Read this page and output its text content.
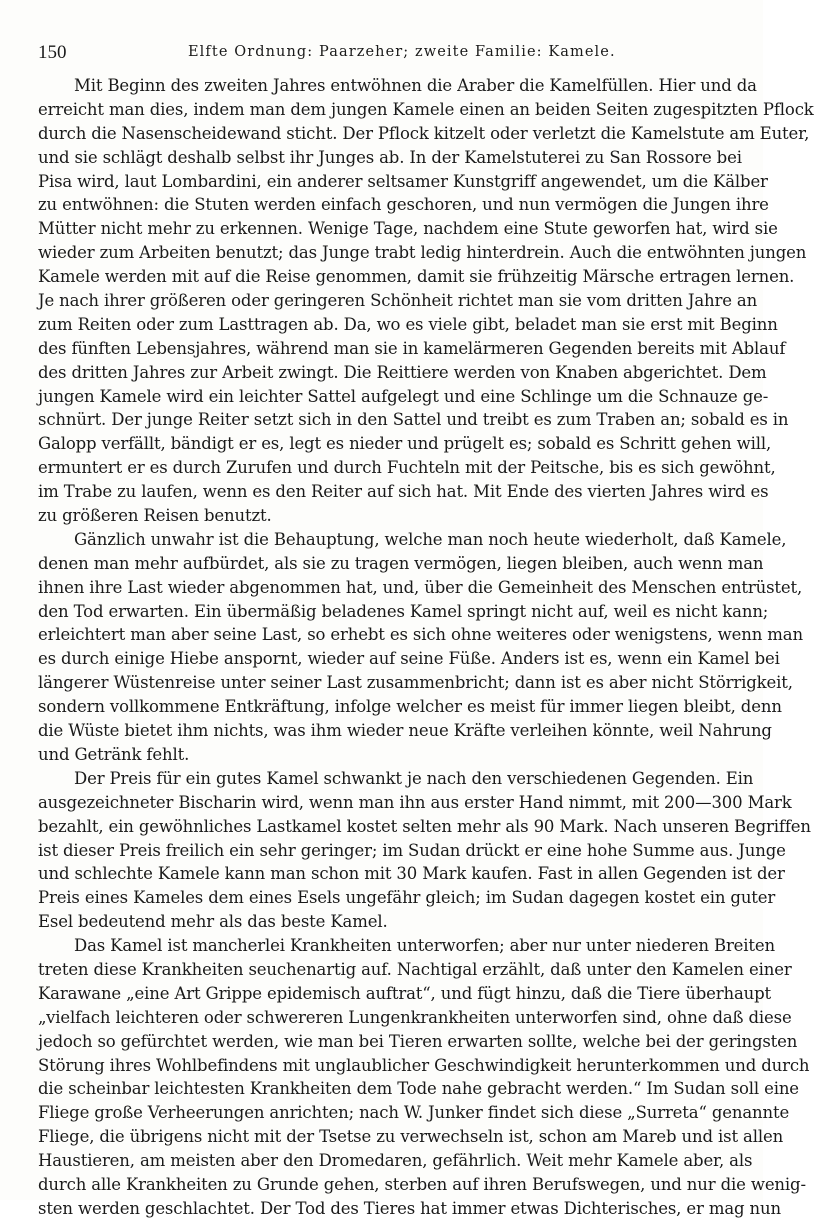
150	Elfte Ordnung: Paarzeher; zweite Familie: Kamele.
Mit Beginn des zweiten Jahres entwöhnen die Araber die Kamelfüllen. Hier und da
erreicht man dies, indem man dem jungen Kamele einen an beiden Seiten zugespitzten Pflock
durch die Nasenscheidewand sticht. Der Pflock kitzelt oder verletzt die Kamelstute am Euter,
und sie schlägt deshalb selbst ihr Junges ab. In der Kamelstuterei zu San Rossore bei
Pisa wird, laut Lombardini, ein anderer seltsamer Kunstgriff angewendet, um die Kälber
zu entwöhnen: die Stuten werden einfach geschoren, und nun vermögen die Jungen ihre
Mütter nicht mehr zu erkennen. Wenige Tage, nachdem eine Stute geworfen hat, wird sie
wieder zum Arbeiten benutzt; das Junge trabt ledig hinterdrein. Auch die entwöhnten jungen
Kamele werden mit auf die Reise genommen, damit sie frühzeitig Märsche ertragen lernen.
Je nach ihrer größeren oder geringeren Schönheit richtet man sie vom dritten Jahre an
zum Reiten oder zum Lasttragen ab. Da, wo es viele gibt, beladet man sie erst mit Beginn
des fünften Lebensjahres, während man sie in kamelärmeren Gegenden bereits mit Ablauf
des dritten Jahres zur Arbeit zwingt. Die Reittiere werden von Knaben abgerichtet. Dem
jungen Kamele wird ein leichter Sattel aufgelegt und eine Schlinge um die Schnauze ge-
schnürt. Der junge Reiter setzt sich in den Sattel und treibt es zum Traben an; sobald es in
Galopp verfällt, bändigt er es, legt es nieder und prügelt es; sobald es Schritt gehen will,
ermuntert er es durch Zurufen und durch Fuchteln mit der Peitsche, bis es sich gewöhnt,
im Trabe zu laufen, wenn es den Reiter auf sich hat. Mit Ende des vierten Jahres wird es
zu größeren Reisen benutzt.
Gänzlich unwahr ist die Behauptung, welche man noch heute wiederholt, daß Kamele,
denen man mehr aufbürdet, als sie zu tragen vermögen, liegen bleiben, auch wenn man
ihnen ihre Last wieder abgenommen hat, und, über die Gemeinheit des Menschen entrüstet,
den Tod erwarten. Ein übermäßig beladenes Kamel springt nicht auf, weil es nicht kann;
erleichtert man aber seine Last, so erhebt es sich ohne weiteres oder wenigstens, wenn man
es durch einige Hiebe anspornt, wieder auf seine Füße. Anders ist es, wenn ein Kamel bei
längerer Wüstenreise unter seiner Last zusammenbricht; dann ist es aber nicht Störrigkeit,
sondern vollkommene Entkräftung, infolge welcher es meist für immer liegen bleibt, denn
die Wüste bietet ihm nichts, was ihm wieder neue Kräfte verleihen könnte, weil Nahrung
und Getränk fehlt.
Der Preis für ein gutes Kamel schwankt je nach den verschiedenen Gegenden. Ein
ausgezeichneter Bischarin wird, wenn man ihn aus erster Hand nimmt, mit 200—300 Mark
bezahlt, ein gewöhnliches Lastkamel kostet selten mehr als 90 Mark. Nach unseren Begriffen
ist dieser Preis freilich ein sehr geringer; im Sudan drückt er eine hohe Summe aus. Junge
und schlechte Kamele kann man schon mit 30 Mark kaufen. Fast in allen Gegenden ist der
Preis eines Kameles dem eines Esels ungefähr gleich; im Sudan dagegen kostet ein guter
Esel bedeutend mehr als das beste Kamel.
Das Kamel ist mancherlei Krankheiten unterworfen; aber nur unter niederen Breiten
treten diese Krankheiten seuchenartig auf. Nachtigal erzählt, daß unter den Kamelen einer
Karawane „eine Art Grippe epidemisch auftrat“, und fügt hinzu, daß die Tiere überhaupt
„vielfach leichteren oder schwereren Lungenkrankheiten unterworfen sind, ohne daß diese
jedoch so gefürchtet werden, wie man bei Tieren erwarten sollte, welche bei der geringsten
Störung ihres Wohlbefindens mit unglaublicher Geschwindigkeit herunterkommen und durch
die scheinbar leichtesten Krankheiten dem Tode nahe gebracht werden.“ Im Sudan soll eine
Fliege große Verheerungen anrichten; nach W. Junker findet sich diese „Surreta“ genannte
Fliege, die übrigens nicht mit der Tsetse zu verwechseln ist, schon am Mareb und ist allen
Haustieren, am meisten aber den Dromedaren, gefährlich. Weit mehr Kamele aber, als
durch alle Krankheiten zu Grunde gehen, sterben auf ihren Berufswegen, und nur die wenig-
sten werden geschlachtet. Der Tod des Tieres hat immer etwas Dichterisches, er mag nun
